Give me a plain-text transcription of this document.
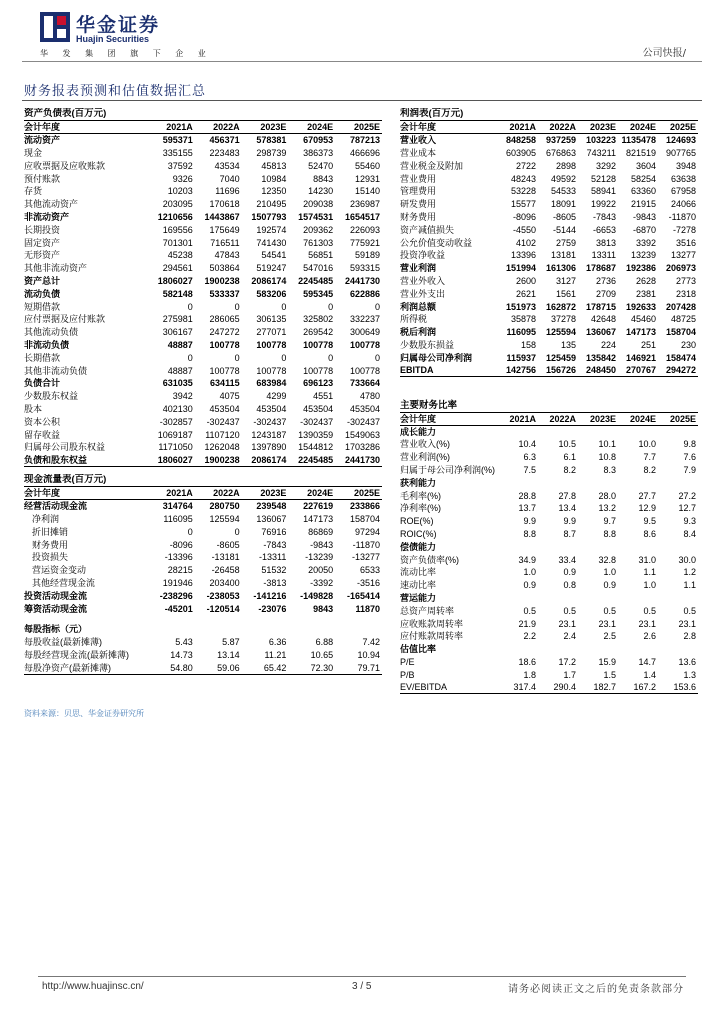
华金证券
Huajin Securities
华 发 集 团 旗 下 企 业	公司快报/
财务报表预测和估值数据汇总
资产负债表(百万元)					
会计年度	2021A	2022A	2023E	2024E	2025E
流动资产	595371	456371	578381	670953	787213
现金	335155	223483	298739	386373	466696
应收票据及应收账款	37592	43534	45813	52470	55460
预付账款	9326	7040	10984	8843	12931
存货	10203	11696	12350	14230	15140
其他流动资产	203095	170618	210495	209038	236987
非流动资产	1210656	1443867	1507793	1574531	1654517
长期投资	169556	175649	192574	209362	226093
固定资产	701301	716511	741430	761303	775921
无形资产	45238	47843	54541	56851	59189
其他非流动资产	294561	503864	519247	547016	593315
资产总计	1806027	1900238	2086174	2245485	2441730
流动负债	582148	533337	583206	595345	622886
短期借款	0	0	0	0	0
应付票据及应付账款	275981	286065	306135	325802	332237
其他流动负债	306167	247272	277071	269542	300649
非流动负债	48887	100778	100778	100778	100778
长期借款	0	0	0	0	0
其他非流动负债	48887	100778	100778	100778	100778
负债合计	631035	634115	683984	696123	733664
少数股东权益	3942	4075	4299	4551	4780
股本	402130	453504	453504	453504	453504
资本公积	-302857	-302437	-302437	-302437	-302437
留存收益	1069187	1107120	1243187	1390359	1549063
归属母公司股东权益	1171050	1262048	1397890	1544812	1703286
负债和股东权益	1806027	1900238	2086174	2245485	2441730
现金流量表(百万元)					
会计年度	2021A	2022A	2023E	2024E	2025E
经营活动现金流	314764	280750	239548	227619	233866
净利润	116095	125594	136067	147173	158704
折旧摊销	0	0	76916	86869	97294
财务费用	-8096	-8605	-7843	-9843	-11870
投资损失	-13396	-13181	-13311	-13239	-13277
营运资金变动	28215	-26458	51532	20050	6533
其他经营现金流	191946	203400	-3813	-3392	-3516
投资活动现金流	-238296	-238053	-141216	-149828	-165414
筹资活动现金流	-45201	-120514	-23076	9843	11870

每股指标（元）					
每股收益(最新摊薄)	5.43	5.87	6.36	6.88	7.42
每股经营现金流(最新摊薄)	14.73	13.14	11.21	10.65	10.94
每股净资产(最新摊薄)	54.80	59.06	65.42	72.30	79.71
利润表(百万元)					
会计年度	2021A	2022A	2023E	2024E	2025E
营业收入	848258	937259	103223	1135478	124693
营业成本	603905	676863	743211	821519	907765
营业税金及附加	2722	2898	3292	3604	3948
营业费用	48243	49592	52128	58254	63638
管理费用	53228	54533	58941	63360	67958
研发费用	15577	18091	19922	21915	24066
财务费用	-8096	-8605	-7843	-9843	-11870
资产减值损失	-4550	-5144	-6653	-6870	-7278
公允价值变动收益	4102	2759	3813	3392	3516
投资净收益	13396	13181	13311	13239	13277
营业利润	151994	161306	178687	192386	206973
营业外收入	2600	3127	2736	2628	2773
营业外支出	2621	1561	2709	2381	2318
利润总额	151973	162872	178715	192633	207428
所得税	35878	37278	42648	45460	48725
税后利润	116095	125594	136067	147173	158704
少数股东损益	158	135	224	251	230
归属母公司净利润	115937	125459	135842	146921	158474
EBITDA	142756	156726	248450	270767	294272
主要财务比率					
会计年度	2021A	2022A	2023E	2024E	2025E
成长能力					
营业收入(%)	10.4	10.5	10.1	10.0	9.8
营业利润(%)	6.3	6.1	10.8	7.7	7.6
归属于母公司净利润(%)	7.5	8.2	8.3	8.2	7.9
获利能力					
毛利率(%)	28.8	27.8	28.0	27.7	27.2
净利率(%)	13.7	13.4	13.2	12.9	12.7
ROE(%)	9.9	9.9	9.7	9.5	9.3
ROIC(%)	8.8	8.7	8.8	8.6	8.4
偿债能力					
资产负债率(%)	34.9	33.4	32.8	31.0	30.0
流动比率	1.0	0.9	1.0	1.1	1.2
速动比率	0.9	0.8	0.9	1.0	1.1
营运能力					
总资产周转率	0.5	0.5	0.5	0.5	0.5
应收账款周转率	21.9	23.1	23.1	23.1	23.1
应付账款周转率	2.2	2.4	2.5	2.6	2.8
估值比率					
P/E	18.6	17.2	15.9	14.7	13.6
P/B	1.8	1.7	1.5	1.4	1.3
EV/EBITDA	317.4	290.4	182.7	167.2	153.6
资料来源：贝思、华金证券研究所
http://www.huajinsc.cn/	3 / 5	请务必阅读正文之后的免责条款部分
